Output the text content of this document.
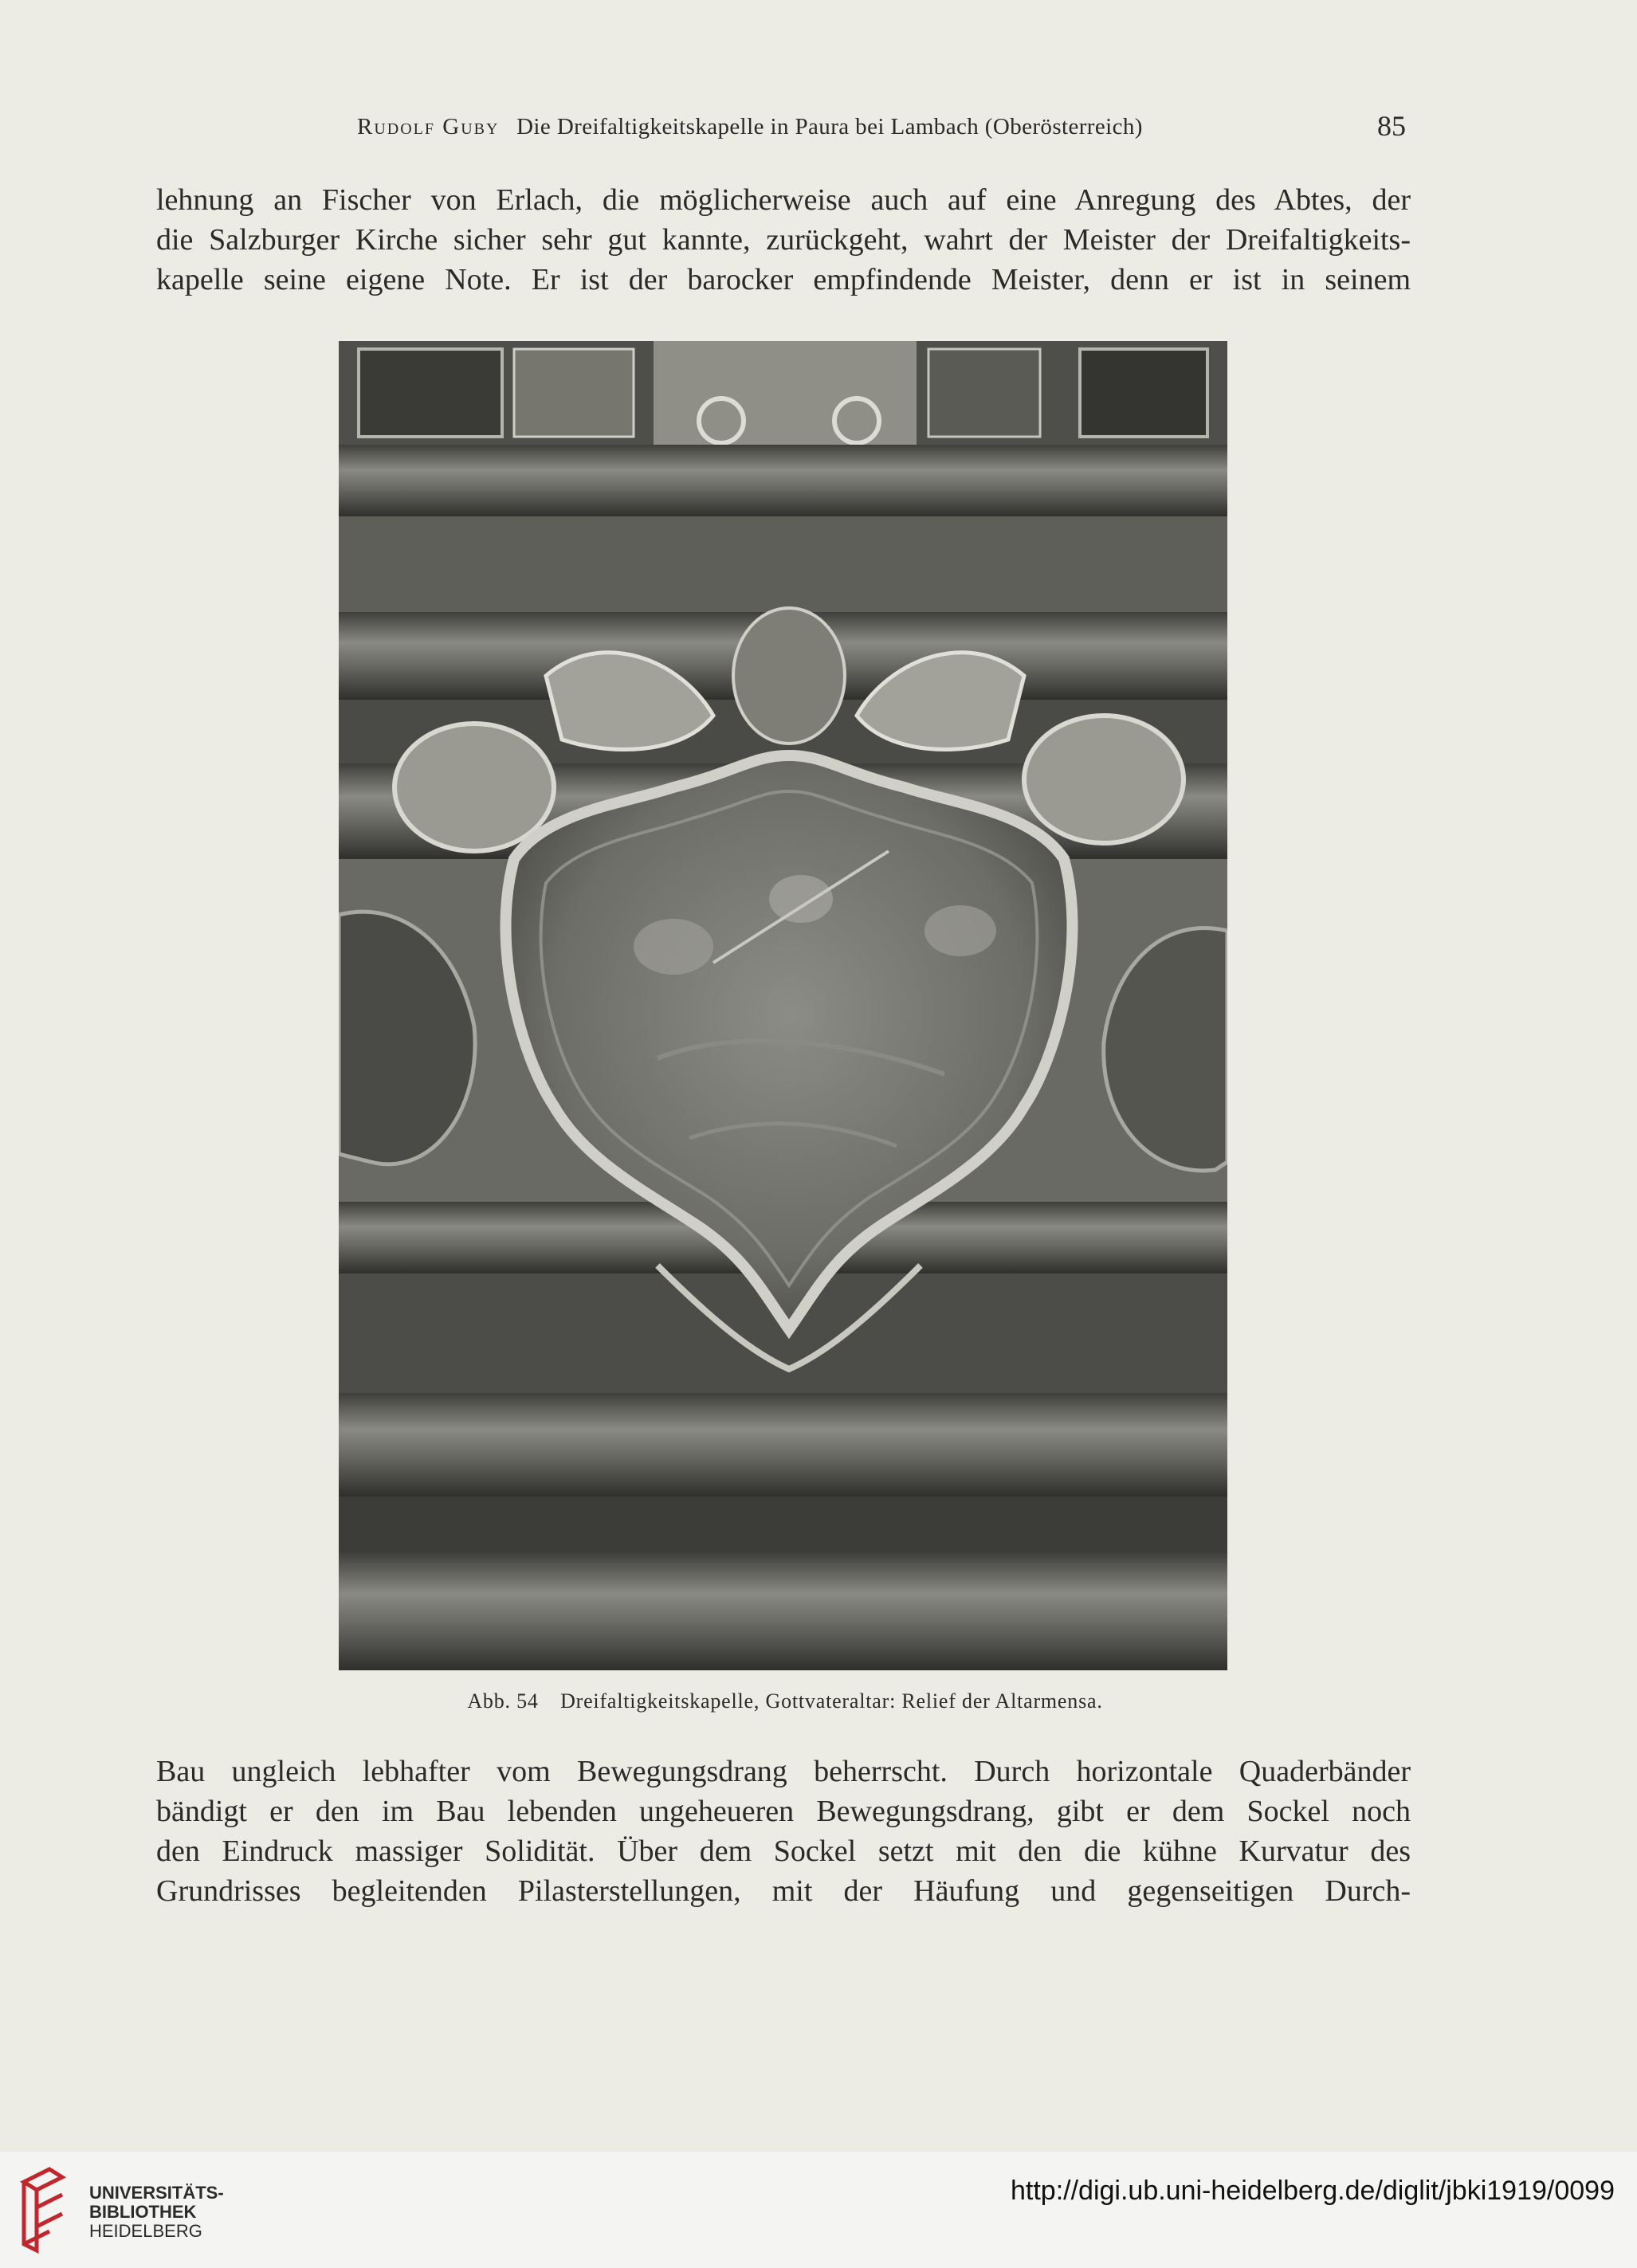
Rudolf Guby Die Dreifaltigkeitskapelle in Paura bei Lambach (Oberösterreich)	85
lehnung an Fischer von Erlach, die möglicherweise auch auf eine Anregung des Abtes, der
die Salzburger Kirche sicher sehr gut kannte, zurückgeht, wahrt der Meister der Dreifaltigkeits-
kapelle seine eigene Note. Er ist der barocker empfindende Meister, denn er ist in seinem
Abb. 54 Dreifaltigkeitskapelle, Gottvateraltar: Relief der Altarmensa.
Bau ungleich lebhafter vom Bewegungsdrang beherrscht. Durch horizontale Quaderbänder
bändigt er den im Bau lebenden ungeheueren Bewegungsdrang, gibt er dem Sockel noch
den Eindruck massiger Solidität. Über dem Sockel setzt mit den die kühne Kurvatur des
Grundrisses begleitenden Pilasterstellungen, mit der Häufung und gegenseitigen Durch-
UNIVERSITÄTS-
BIBLIOTHEK
HEIDELBERG
http://digi.ub.uni-heidelberg.de/diglit/jbki1919/0099
